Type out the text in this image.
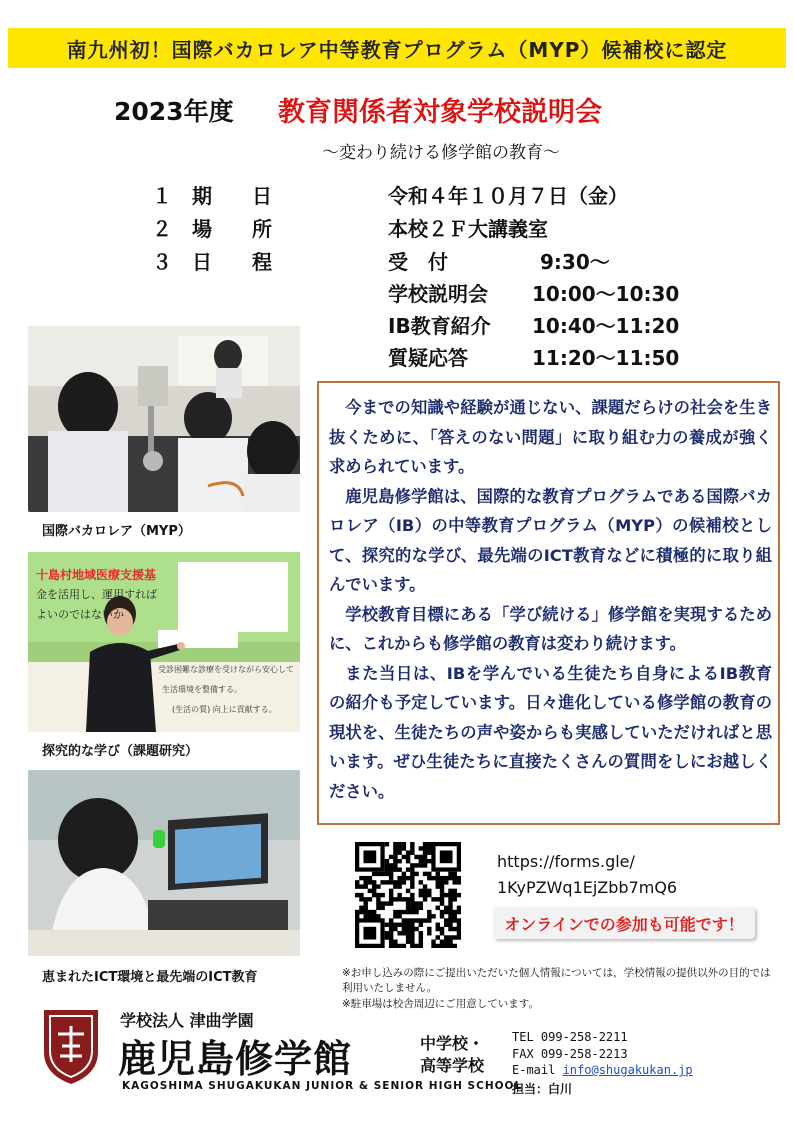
南九州初！国際バカロレア中等教育プログラム（MYP）候補校に認定
2023年度 教育関係者対象学校説明会
～変わり続ける修学館の教育～
１　期　　日	令和４年１０月７日（金）
２　場　　所	本校２Ｆ大講義室
３　日　　程	受　付	9:30～
学校説明会 10:00～10:30
IB教育紹介 10:40～11:20
質疑応答	11:20～11:50
国際バカロレア（MYP）
十島村地域医療支援基
金を活用し、運用すれば
よいのではないか
受診困難な診療を受けながら安心して
生活環境を整備する。
(生活の質) 向上に貢献する。
探究的な学び（課題研究）
恵まれたICT環境と最先端のICT教育

今までの知識や経験が通じない、課題だらけの社会を生き抜くために、「答えのない問題」に取り組む力の養成が強く求められています。

鹿児島修学館は、国際的な教育プログラムである国際バカロレア（IB）の中等教育プログラム（MYP）の候補校として、探究的な学び、最先端のICT教育などに積極的に取り組んでいます。

学校教育目標にある「学び続ける」修学館を実現するために、これからも修学館の教育は変わり続けます。

また当日は、IBを学んでいる生徒たち自身によるIB教育の紹介も予定しています。日々進化している修学館の教育の現状を、生徒たちの声や姿からも実感していただければと思います。ぜひ生徒たちに直接たくさんの質問をしにお越しください。

https://forms.gle/
1KyPZWq1EjZbb7mQ6
オンラインでの参加も可能です！
※お申し込みの際にご提出いただいた個人情報については，学校情報の提供以外の目的では利用いたしません。
※駐車場は校舎周辺にご用意しています。
学校法人 津曲学園
鹿児島修学館	中学校・
高等学校
KAGOSHIMA SHUGAKUKAN JUNIOR & SENIOR HIGH SCHOOL
TEL 099-258-2211
FAX 099-258-2213
E-mail info@shugakukan.jp
担当：白川
